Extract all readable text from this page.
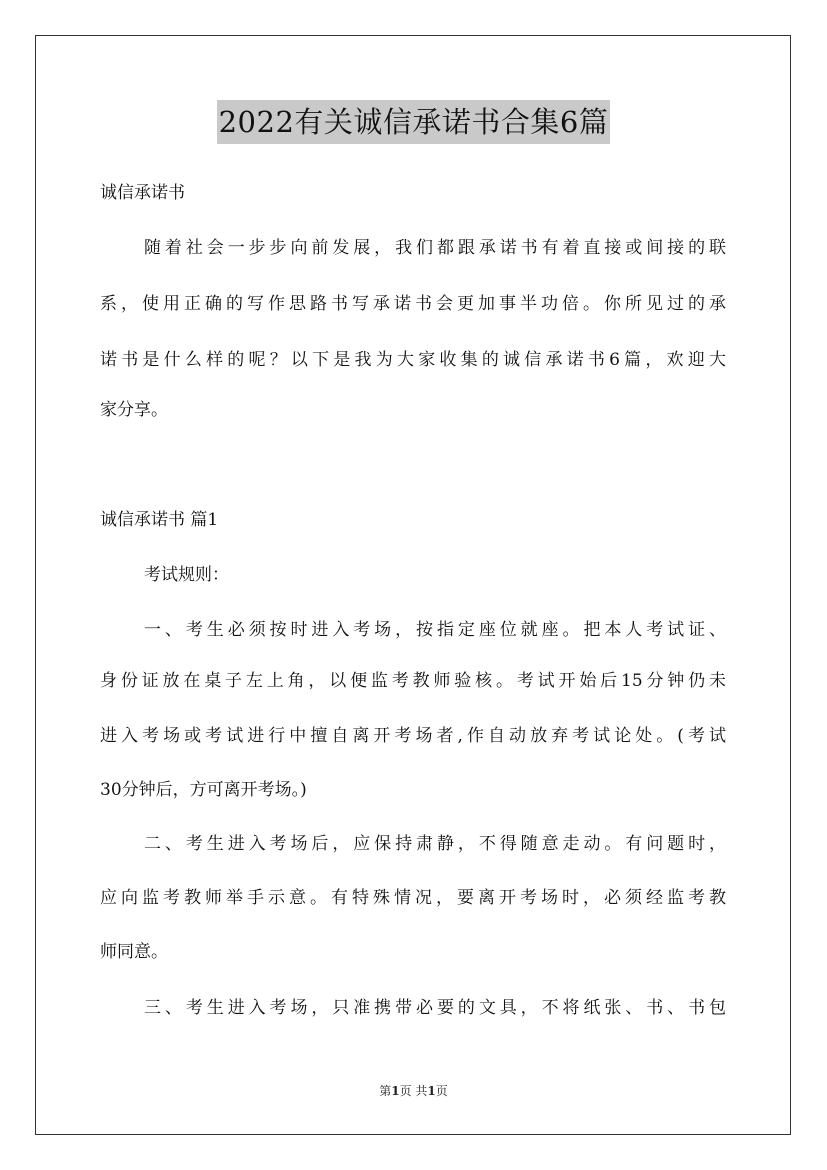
2022有关诚信承诺书合集6篇
诚信承诺书
随着社会一步步向前发展，我们都跟承诺书有着直接或间接的联
系，使用正确的写作思路书写承诺书会更加事半功倍。你所见过的承
诺书是什么样的呢？以下是我为大家收集的诚信承诺书6篇，欢迎大
家分享。
诚信承诺书 篇1
考试规则：
一、考生必须按时进入考场，按指定座位就座。把本人考试证、
身份证放在桌子左上角，以便监考教师验核。考试开始后15分钟仍未
进入考场或考试进行中擅自离开考场者,作自动放弃考试论处。(考试
30分钟后，方可离开考场。)
二、考生进入考场后，应保持肃静，不得随意走动。有问题时，
应向监考教师举手示意。有特殊情况，要离开考场时，必须经监考教
师同意。
三、考生进入考场，只准携带必要的文具，不将纸张、书、书包
第1页 共1页
